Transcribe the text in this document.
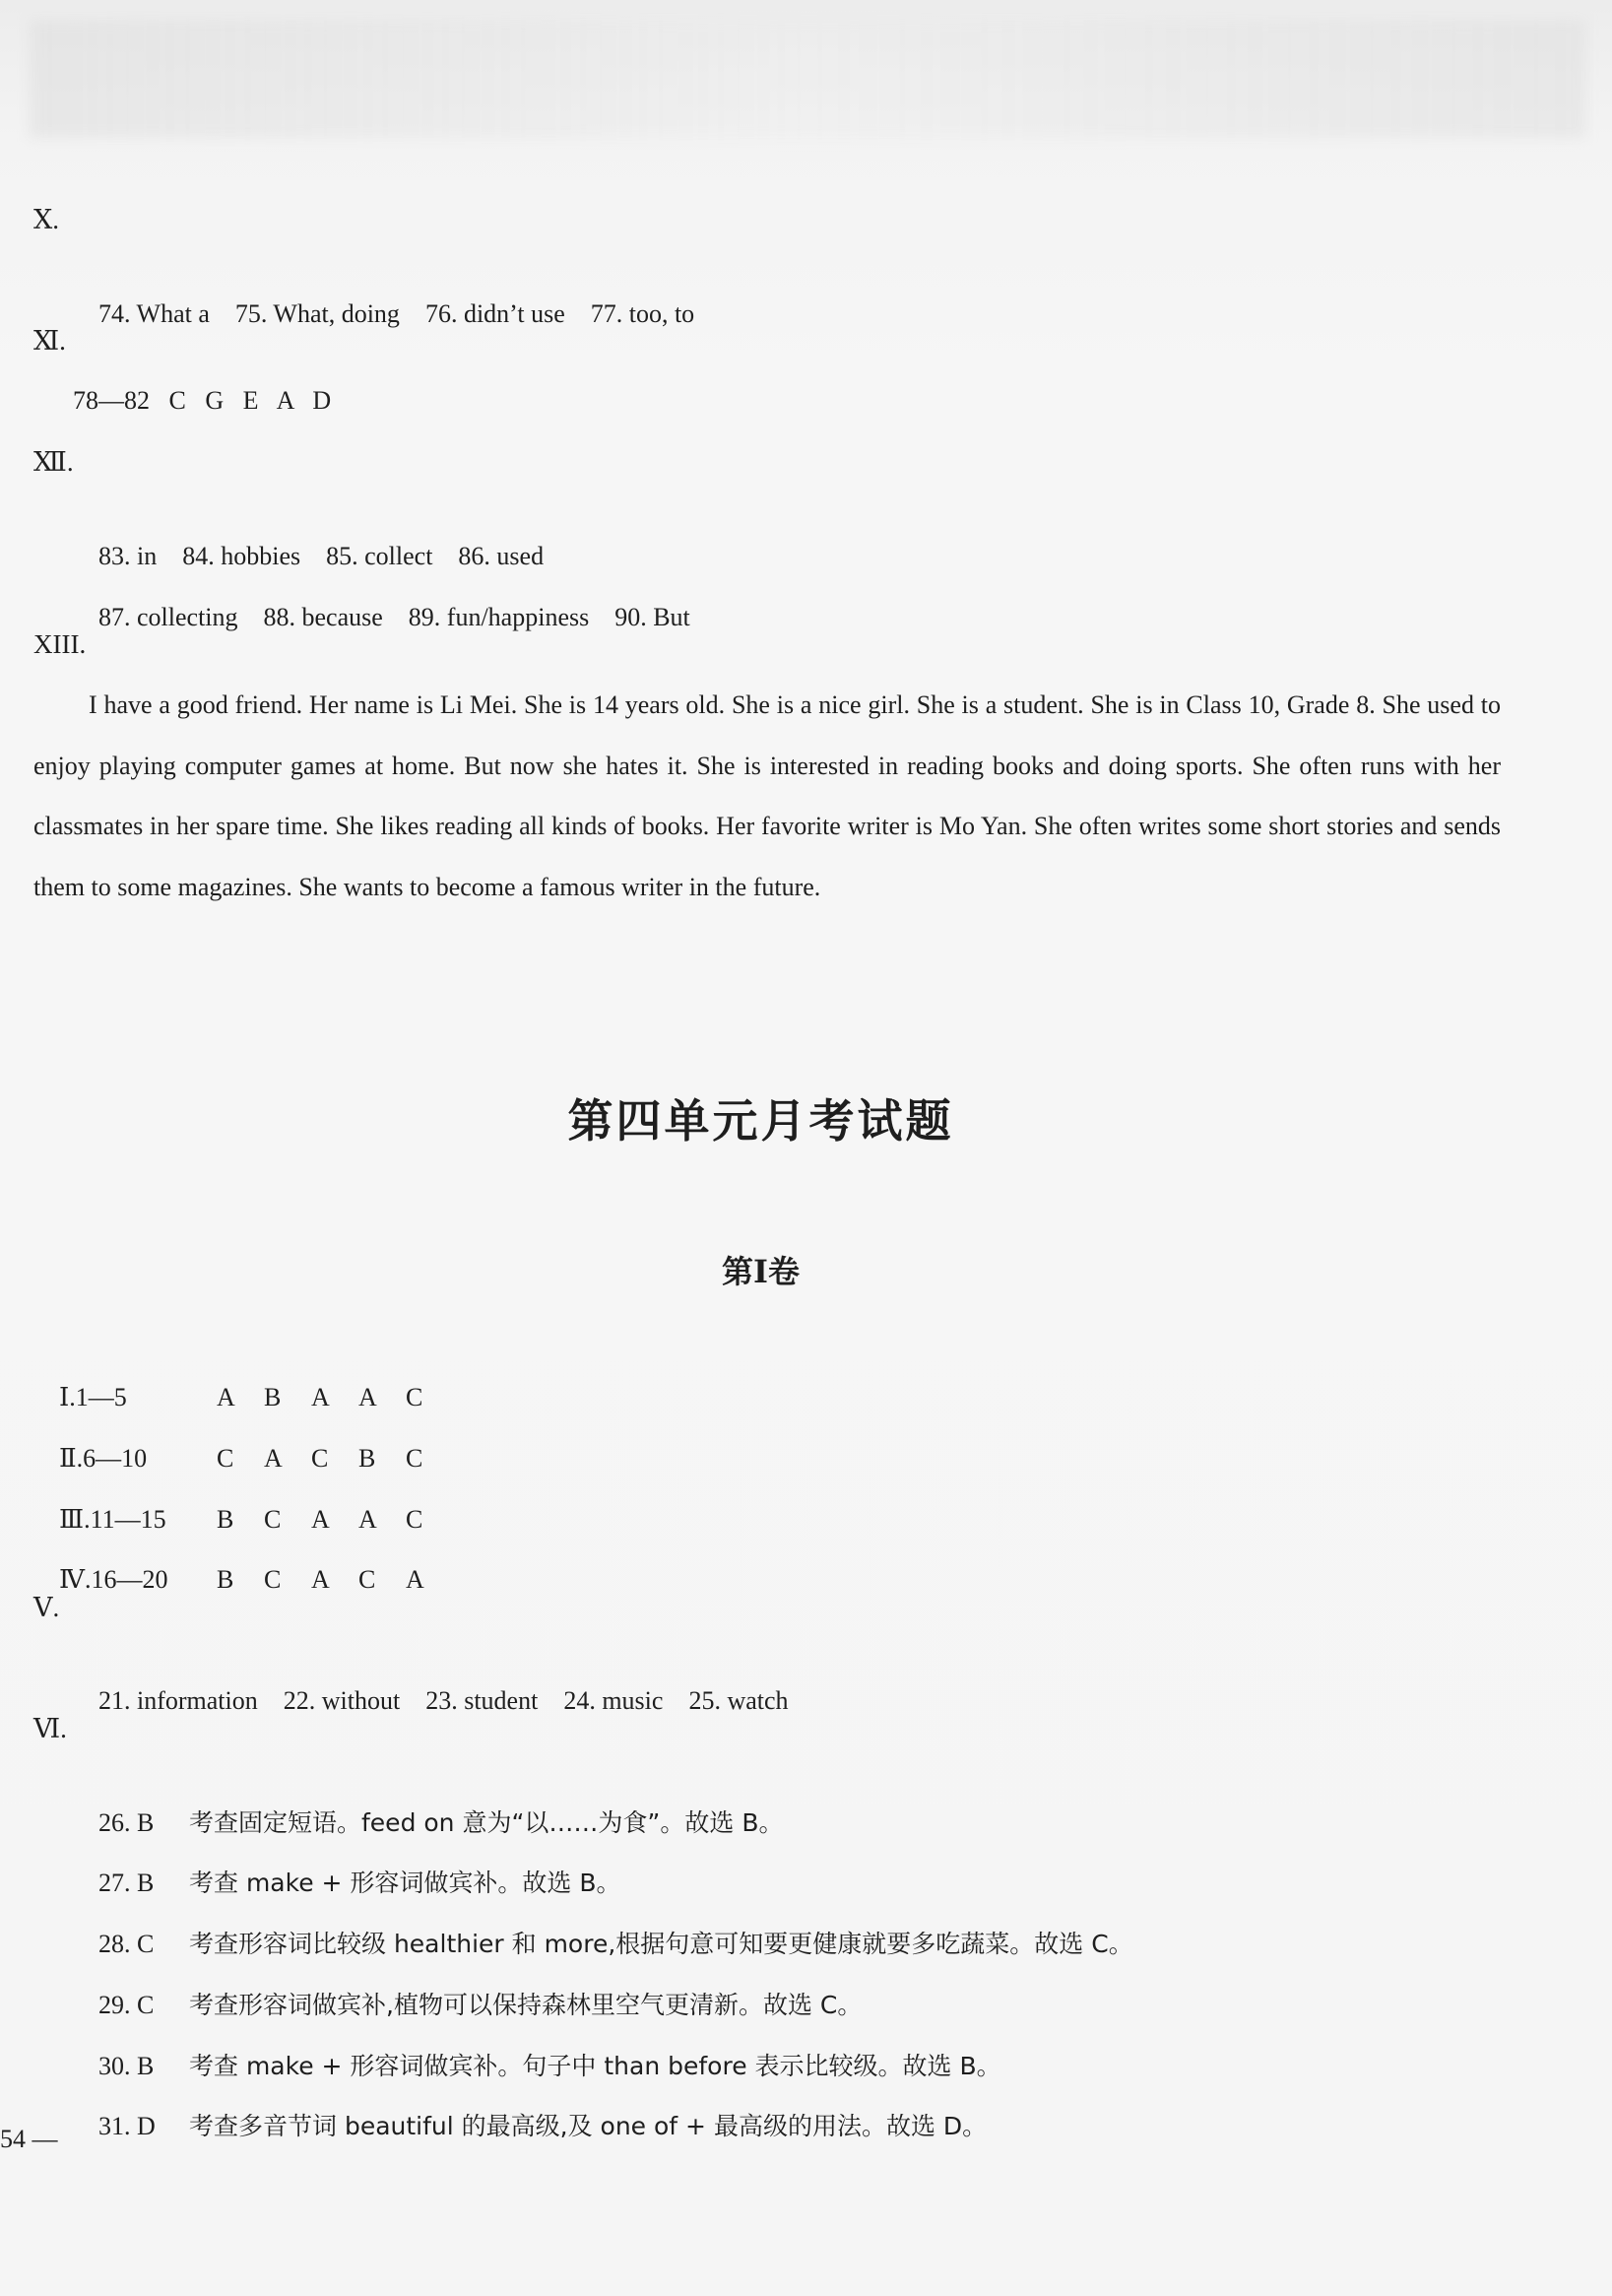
Ⅹ.

74. What a 75. What, doing 76. didn’t use 77. too, to

Ⅺ.
78—82   C   G   E   A   D
Ⅻ.

83. in 84. hobbies 85. collect 86. used

87. collecting 88. because 89. fun/happiness 90. But

XIII.
I have a good friend. Her name is Li Mei. She is 14 years old. She is a nice girl. She is a student. She is in Class 10, Grade 8. She used to enjoy playing computer games at home. But now she hates it. She is interested in reading books and doing sports. She often runs with her classmates in her spare time. She likes reading all kinds of books. Her favorite writer is Mo Yan. She often writes some short stories and sends them to some magazines. She wants to become a famous writer in the future.
第四单元月考试题
第Ⅰ卷

Ⅰ.1—5	A B A A C

Ⅱ.6—10	C A C B C

Ⅲ.11—15 B C A A C

Ⅳ.16—20 B C A C A

Ⅴ.

21. information 22. without 23. student 24. music 25. watch

Ⅵ.

26. B 考查固定短语。feed on 意为“以……为食”。故选 B。

27. B 考查 make + 形容词做宾补。故选 B。

28. C 考查形容词比较级 healthier 和 more,根据句意可知要更健康就要多吃蔬菜。故选 C。

29. C 考查形容词做宾补,植物可以保持森林里空气更清新。故选 C。

30. B 考查 make + 形容词做宾补。句子中 than before 表示比较级。故选 B。

31. D 考查多音节词 beautiful 的最高级,及 one of + 最高级的用法。故选 D。

54 —
